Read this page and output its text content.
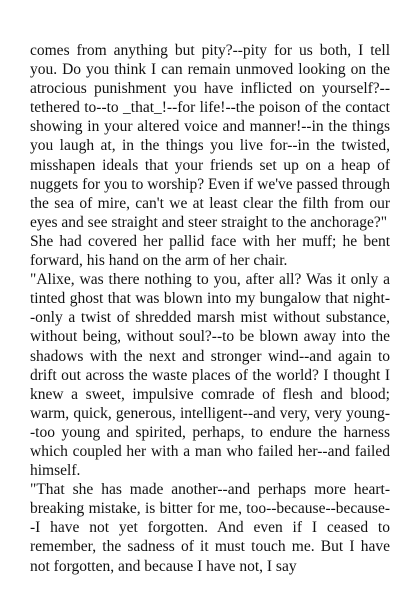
comes from anything but pity?--pity for us both, I tell you. Do you think I can remain unmoved looking on the atrocious punishment you have inflicted on yourself?--tethered to--to _that_!--for life!--the poison of the contact showing in your altered voice and manner!--in the things you laugh at, in the things you live for--in the twisted, misshapen ideals that your friends set up on a heap of nuggets for you to worship? Even if we've passed through the sea of mire, can't we at least clear the filth from our eyes and see straight and steer straight to the anchorage?"

She had covered her pallid face with her muff; he bent forward, his hand on the arm of her chair.

"Alixe, was there nothing to you, after all? Was it only a tinted ghost that was blown into my bungalow that night--only a twist of shredded marsh mist without substance, without being, without soul?--to be blown away into the shadows with the next and stronger wind--and again to drift out across the waste places of the world? I thought I knew a sweet, impulsive comrade of flesh and blood; warm, quick, generous, intelligent--and very, very young--too young and spirited, perhaps, to endure the harness which coupled her with a man who failed her--and failed himself.

"That she has made another--and perhaps more heart-breaking mistake, is bitter for me, too--because--because--I have not yet forgotten. And even if I ceased to remember, the sadness of it must touch me. But I have not forgotten, and because I have not, I say
